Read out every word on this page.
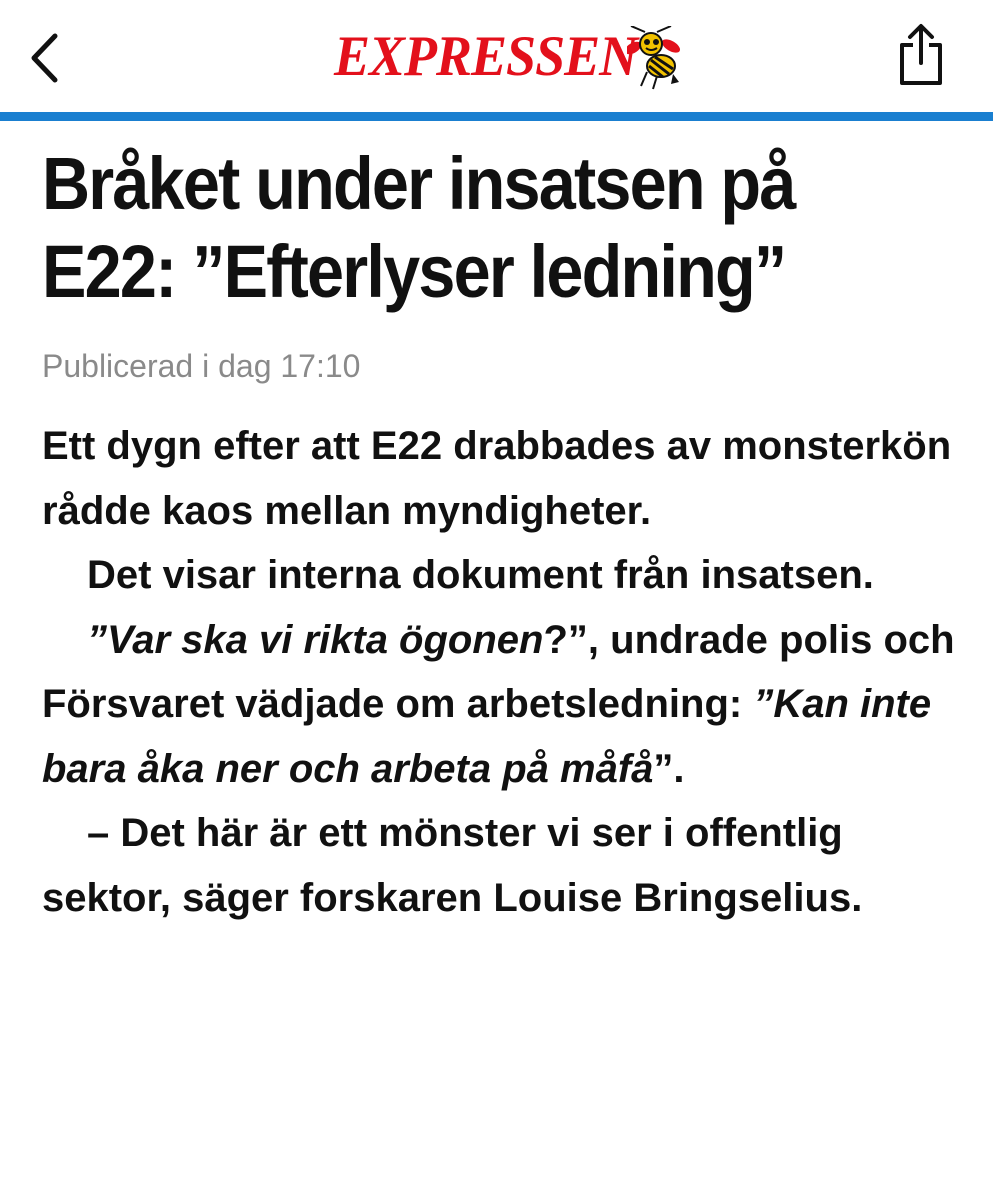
EXPRESSEN
Bråket under insatsen på E22: ”Efterlyser ledning”
Publicerad i dag 17:10

Ett dygn efter att E22 drabbades av monsterkön rådde kaos mellan myndigheter.

Det visar interna dokument från insatsen.

”Var ska vi rikta ögonen?”, undrade polis och Försvaret vädjade om arbetsledning: ”Kan inte bara åka ner och arbeta på måfå”.

– Det här är ett mönster vi ser i offentlig sektor, säger forskaren Louise Bringselius.
